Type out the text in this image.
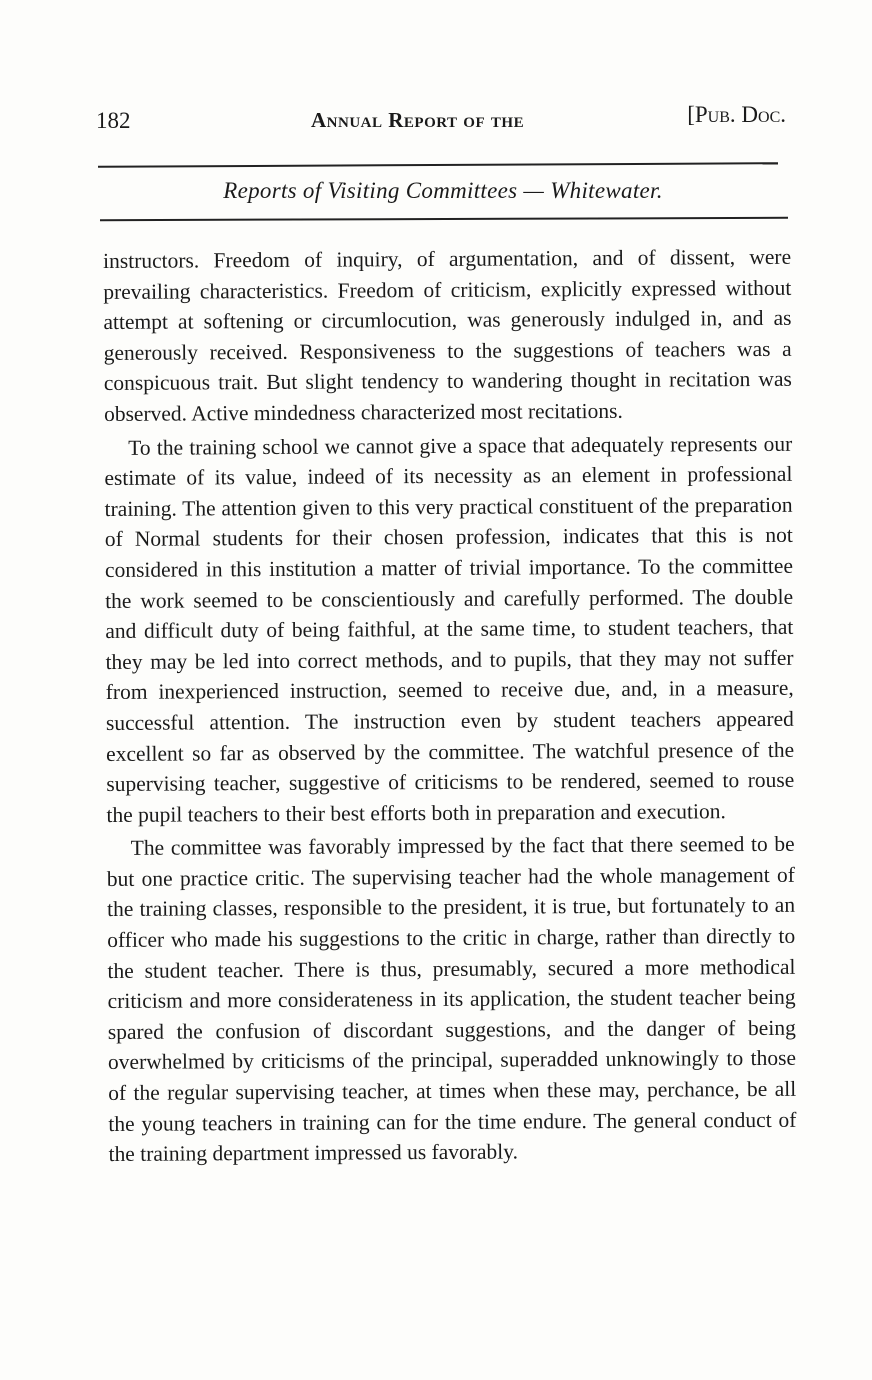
182	Annual Report of the	[Pub. Doc.
Reports of Visiting Committees — Whitewater.

instructors. Freedom of inquiry, of argumentation, and of dissent, were prevailing characteristics. Freedom of criticism, explicitly expressed without attempt at softening or circumlocution, was generously indulged in, and as generously received. Responsiveness to the suggestions of teachers was a conspicuous trait. But slight tendency to wandering thought in recitation was observed. Active mindedness characterized most recitations.

To the training school we cannot give a space that adequately represents our estimate of its value, indeed of its necessity as an element in professional training. The attention given to this very practical constituent of the preparation of Normal students for their chosen profession, indicates that this is not considered in this institution a matter of trivial importance. To the committee the work seemed to be conscientiously and carefully performed. The double and difficult duty of being faithful, at the same time, to student teachers, that they may be led into correct methods, and to pupils, that they may not suffer from inexperienced instruction, seemed to receive due, and, in a measure, successful attention. The instruction even by student teachers appeared excellent so far as observed by the committee. The watchful presence of the supervising teacher, suggestive of criticisms to be rendered, seemed to rouse the pupil teachers to their best efforts both in preparation and execution.

The committee was favorably impressed by the fact that there seemed to be but one practice critic. The supervising teacher had the whole management of the training classes, responsible to the president, it is true, but fortunately to an officer who made his suggestions to the critic in charge, rather than directly to the student teacher. There is thus, presumably, secured a more methodical criticism and more considerateness in its application, the student teacher being spared the confusion of discordant suggestions, and the danger of being overwhelmed by criticisms of the principal, superadded unknowingly to those of the regular supervising teacher, at times when these may, perchance, be all the young teachers in training can for the time endure. The general conduct of the training department impressed us favorably.
